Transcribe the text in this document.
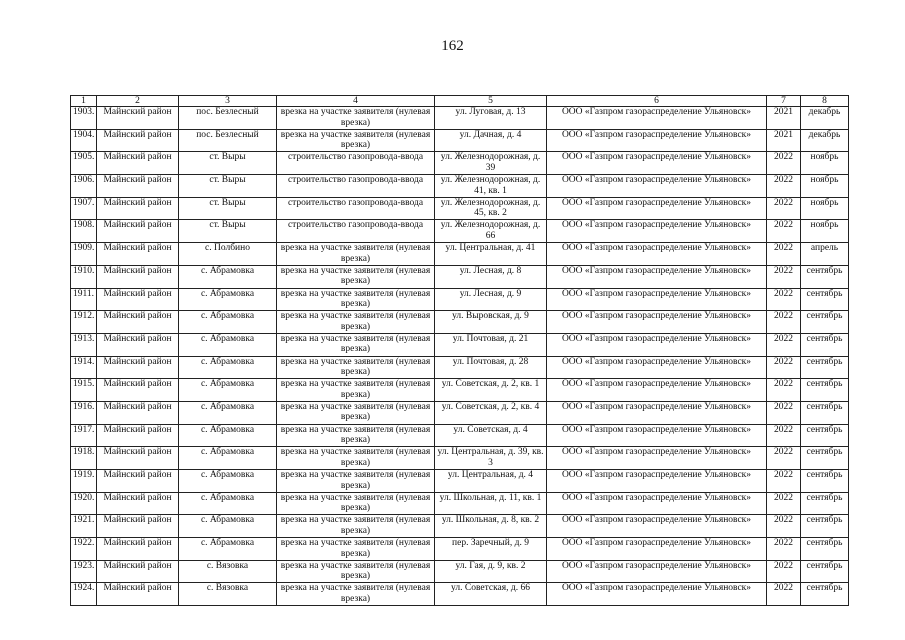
162
1	2	3	4	5	6	7	8
1903.	Майнский район	пос. Безлесный	врезка на участке заявителя (нулевая врезка)	ул. Луговая, д. 13	ООО «Газпром газораспределение Ульяновск»	2021	декабрь
1904.	Майнский район	пос. Безлесный	врезка на участке заявителя (нулевая врезка)	ул. Дачная, д. 4	ООО «Газпром газораспределение Ульяновск»	2021	декабрь
1905.	Майнский район	ст. Выры	строительство газопровода-ввода	ул. Железнодорожная, д. 39	ООО «Газпром газораспределение Ульяновск»	2022	ноябрь
1906.	Майнский район	ст. Выры	строительство газопровода-ввода	ул. Железнодорожная, д. 41, кв. 1	ООО «Газпром газораспределение Ульяновск»	2022	ноябрь
1907.	Майнский район	ст. Выры	строительство газопровода-ввода	ул. Железнодорожная, д. 45, кв. 2	ООО «Газпром газораспределение Ульяновск»	2022	ноябрь
1908.	Майнский район	ст. Выры	строительство газопровода-ввода	ул. Железнодорожная, д. 66	ООО «Газпром газораспределение Ульяновск»	2022	ноябрь
1909.	Майнский район	с. Полбино	врезка на участке заявителя (нулевая врезка)	ул. Центральная, д. 41	ООО «Газпром газораспределение Ульяновск»	2022	апрель
1910.	Майнский район	с. Абрамовка	врезка на участке заявителя (нулевая врезка)	ул. Лесная, д. 8	ООО «Газпром газораспределение Ульяновск»	2022	сентябрь
1911.	Майнский район	с. Абрамовка	врезка на участке заявителя (нулевая врезка)	ул. Лесная, д. 9	ООО «Газпром газораспределение Ульяновск»	2022	сентябрь
1912.	Майнский район	с. Абрамовка	врезка на участке заявителя (нулевая врезка)	ул. Выровская, д. 9	ООО «Газпром газораспределение Ульяновск»	2022	сентябрь
1913.	Майнский район	с. Абрамовка	врезка на участке заявителя (нулевая врезка)	ул. Почтовая, д. 21	ООО «Газпром газораспределение Ульяновск»	2022	сентябрь
1914.	Майнский район	с. Абрамовка	врезка на участке заявителя (нулевая врезка)	ул. Почтовая, д. 28	ООО «Газпром газораспределение Ульяновск»	2022	сентябрь
1915.	Майнский район	с. Абрамовка	врезка на участке заявителя (нулевая врезка)	ул. Советская, д. 2, кв. 1	ООО «Газпром газораспределение Ульяновск»	2022	сентябрь
1916.	Майнский район	с. Абрамовка	врезка на участке заявителя (нулевая врезка)	ул. Советская, д. 2, кв. 4	ООО «Газпром газораспределение Ульяновск»	2022	сентябрь
1917.	Майнский район	с. Абрамовка	врезка на участке заявителя (нулевая врезка)	ул. Советская, д. 4	ООО «Газпром газораспределение Ульяновск»	2022	сентябрь
1918.	Майнский район	с. Абрамовка	врезка на участке заявителя (нулевая врезка)	ул. Центральная, д. 39, кв. 3	ООО «Газпром газораспределение Ульяновск»	2022	сентябрь
1919.	Майнский район	с. Абрамовка	врезка на участке заявителя (нулевая врезка)	ул. Центральная, д. 4	ООО «Газпром газораспределение Ульяновск»	2022	сентябрь
1920.	Майнский район	с. Абрамовка	врезка на участке заявителя (нулевая врезка)	ул. Школьная, д. 11, кв. 1	ООО «Газпром газораспределение Ульяновск»	2022	сентябрь
1921.	Майнский район	с. Абрамовка	врезка на участке заявителя (нулевая врезка)	ул. Школьная, д. 8, кв. 2	ООО «Газпром газораспределение Ульяновск»	2022	сентябрь
1922.	Майнский район	с. Абрамовка	врезка на участке заявителя (нулевая врезка)	пер. Заречный, д. 9	ООО «Газпром газораспределение Ульяновск»	2022	сентябрь
1923.	Майнский район	с. Вязовка	врезка на участке заявителя (нулевая врезка)	ул. Гая, д. 9, кв. 2	ООО «Газпром газораспределение Ульяновск»	2022	сентябрь
1924.	Майнский район	с. Вязовка	врезка на участке заявителя (нулевая врезка)	ул. Советская, д. 66	ООО «Газпром газораспределение Ульяновск»	2022	сентябрь
